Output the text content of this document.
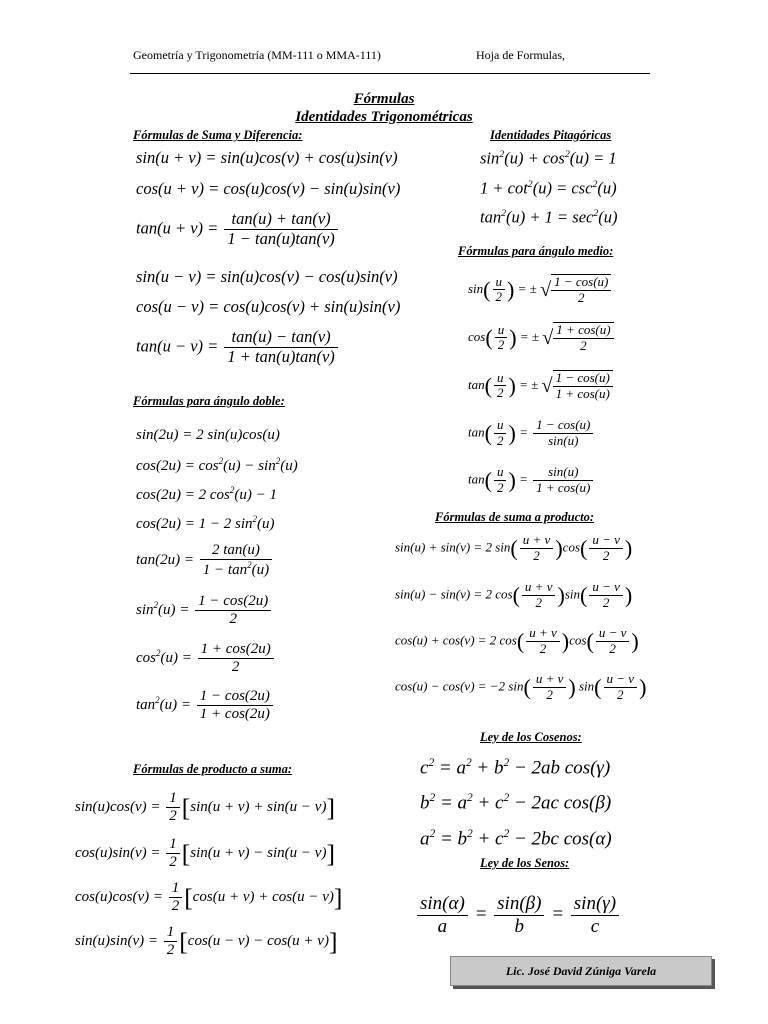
Geometría y Trigonometría (MM-111 o MMA-111)	Hoja de Formulas,
Fórmulas
Identidades Trigonométricas
Fórmulas de Suma y Diferencia:
sin(u + v) = sin(u)cos(v) + cos(u)sin(v)
cos(u + v) = cos(u)cos(v) − sin(u)sin(v)
$\tan(u + v) = \frac{\tan(u) + \tan(v)}{1 - \tan(u)\tan(v)}$
sin(u − v) = sin(u)cos(v) − cos(u)sin(v)
cos(u − v) = cos(u)cos(v) + sin(u)sin(v)
$\tan(u - v) = \frac{\tan(u) - \tan(v)}{1 + \tan(u)\tan(v)}$
Identidades Pitagóricas
$\sin^2(u) + \cos^2(u) = 1$
$1 + \cot^2(u) = \csc^2(u)$
$\tan^2(u) + 1 = \sec^2(u)$
Fórmulas para ángulo medio:
$\sin( \frac{u}{2}$ ) = ± √ $\frac{1 - \cos(u)}{2}$
$\cos( \frac{u}{2}$ ) = ± √ $\frac{1 + \cos(u)}{2}$
$\tan( \frac{u}{2}$ ) = ± √ $\frac{1 - \cos(u)}{1 + \cos(u)}$
$\tan( \frac{u}{2}$ ) = $\frac{1 - \cos(u)}{\sin(u)}$
$\tan( \frac{u}{2}$ ) = $\frac{\sin(u)}{1 + \cos(u)}$
Fórmulas para ángulo doble:
sin(2u) = 2 sin(u)cos(u)
$\cos(2u) = \cos^2(u) - \sin^2(u)$
cos(2u) = 2 $\cos^2(u) - 1$
cos(2u) = 1 − 2 $\sin^2(u)$
$\tan(2u) = \frac{2 \tan(u)}{1 - \tan^2(u)}$
$\sin^2(u) = \frac{1 - \cos(2u)}{2}$
$\cos^2(u) = \frac{1 + \cos(2u)}{2}$
$\tan^2(u) = \frac{1 - \cos(2u)}{1 + \cos(2u)}$
Fórmulas de suma a producto:
sin(u) + sin(v) = 2 $\sin( \frac{u + v}{2} )\cos( \frac{u - v}{2}$ )
sin(u) − sin(v) = 2 $\cos( \frac{u + v}{2} )\sin( \frac{u - v}{2}$ )
cos(u) + cos(v) = 2 $\cos( \frac{u + v}{2} )\cos( \frac{u - v}{2}$ )
cos(u) − cos(v) = −2 $\sin( \frac{u + v}{2}$ ) $\sin( \frac{u - v}{2}$ )
Fórmulas de producto a suma:
$\sin(u)\cos(v) = \frac{1}{2} [\sin(u + v) + \sin(u - v)]$
$\cos(u)\sin(v) = \frac{1}{2} [\sin(u + v) - \sin(u - v)]$
$\cos(u)\cos(v) = \frac{1}{2} [\cos(u + v) + \cos(u - v)]$
$\sin(u)\sin(v) = \frac{1}{2} [\cos(u - v) - \cos(u + v)]$
Ley de los Cosenos:
$c^2 = a^2 + b^2 - 2ab$ cos(γ)
$b^2 = a^2 + c^2 - 2ac$ cos(β)
$a^2 = b^2 + c^2 - 2bc$ cos(α)
Ley de los Senos:
$\frac{\sin(\alpha)}{a} = \frac{\sin(\beta)}{b} = \frac{\sin(\gamma)}{c}$
Lic. José David Zúniga Varela
